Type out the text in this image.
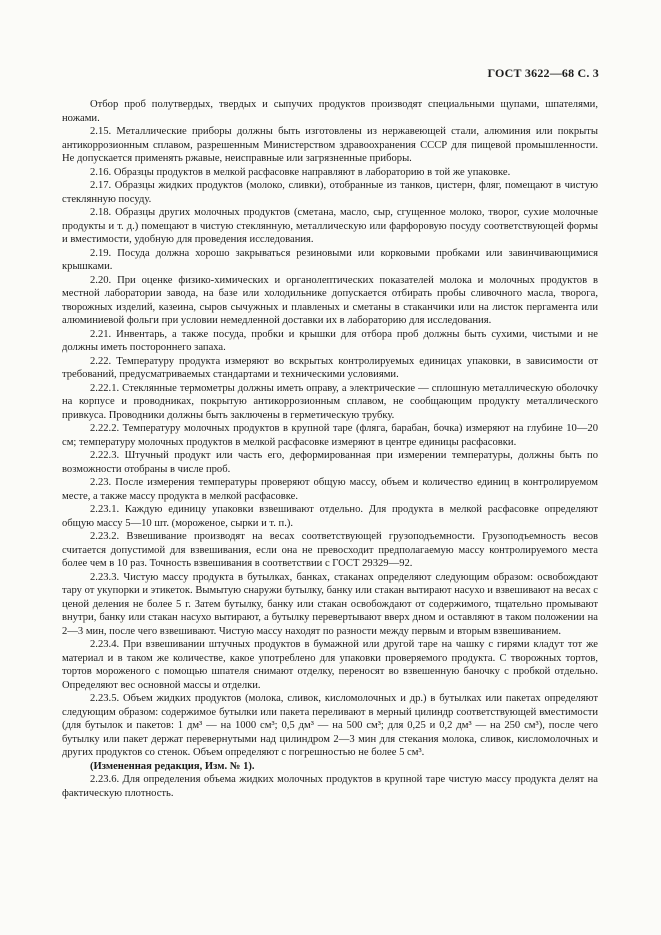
ГОСТ 3622—68 С. 3

Отбор проб полутвердых, твердых и сыпучих продуктов производят специальными щупами, шпателями, ножами.

2.15. Металлические приборы должны быть изготовлены из нержавеющей стали, алюминия или покрыты антикоррозионным сплавом, разрешенным Министерством здравоохранения СССР для пищевой промышленности. Не допускается применять ржавые, неисправные или загрязненные приборы.

2.16. Образцы продуктов в мелкой расфасовке направляют в лабораторию в той же упаковке.

2.17. Образцы жидких продуктов (молоко, сливки), отобранные из танков, цистерн, фляг, помещают в чистую стеклянную посуду.

2.18. Образцы других молочных продуктов (сметана, масло, сыр, сгущенное молоко, творог, сухие молочные продукты и т. д.) помещают в чистую стеклянную, металлическую или фарфоровую посуду соответствующей формы и вместимости, удобную для проведения исследования.

2.19. Посуда должна хорошо закрываться резиновыми или корковыми пробками или завинчивающимися крышками.

2.20. При оценке физико-химических и органолептических показателей молока и молочных продуктов в местной лаборатории завода, на базе или холодильнике допускается отбирать пробы сливочного масла, творога, творожных изделий, казеина, сыров сычужных и плавленых и сметаны в стаканчики или на листок пергамента или алюминиевой фольги при условии немедленной доставки их в лабораторию для исследования.

2.21. Инвентарь, а также посуда, пробки и крышки для отбора проб должны быть сухими, чистыми и не должны иметь постороннего запаха.

2.22. Температуру продукта измеряют во вскрытых контролируемых единицах упаковки, в зависимости от требований, предусматриваемых стандартами и техническими условиями.

2.22.1. Стеклянные термометры должны иметь оправу, а электрические — сплошную металлическую оболочку на корпусе и проводниках, покрытую антикоррозионным сплавом, не сообщающим продукту металлического привкуса. Проводники должны быть заключены в герметическую трубку.

2.22.2. Температуру молочных продуктов в крупной таре (фляга, барабан, бочка) измеряют на глубине 10—20 см; температуру молочных продуктов в мелкой расфасовке измеряют в центре единицы расфасовки.

2.22.3. Штучный продукт или часть его, деформированная при измерении температуры, должны быть по возможности отобраны в числе проб.

2.23. После измерения температуры проверяют общую массу, объем и количество единиц в контролируемом месте, а также массу продукта в мелкой расфасовке.

2.23.1. Каждую единицу упаковки взвешивают отдельно. Для продукта в мелкой расфасовке определяют общую массу 5—10 шт. (мороженое, сырки и т. п.).

2.23.2. Взвешивание производят на весах соответствующей грузоподъемности. Грузоподъемность весов считается допустимой для взвешивания, если она не превосходит предполагаемую массу контролируемого места более чем в 10 раз. Точность взвешивания в соответствии с ГОСТ 29329—92.

2.23.3. Чистую массу продукта в бутылках, банках, стаканах определяют следующим образом: освобождают тару от укупорки и этикеток. Вымытую снаружи бутылку, банку или стакан вытирают насухо и взвешивают на весах с ценой деления не более 5 г. Затем бутылку, банку или стакан освобождают от содержимого, тщательно промывают внутри, банку или стакан насухо вытирают, а бутылку перевертывают вверх дном и оставляют в таком положении на 2—3 мин, после чего взвешивают. Чистую массу находят по разности между первым и вторым взвешиванием.

2.23.4. При взвешивании штучных продуктов в бумажной или другой таре на чашку с гирями кладут тот же материал и в таком же количестве, какое употреблено для упаковки проверяемого продукта. С творожных тортов, тортов мороженого с помощью шпателя снимают отделку, переносят во взвешенную баночку с пробкой отдельно. Определяют вес основной массы и отделки.

2.23.5. Объем жидких продуктов (молока, сливок, кисломолочных и др.) в бутылках или пакетах определяют следующим образом: содержимое бутылки или пакета переливают в мерный цилиндр соответствующей вместимости (для бутылок и пакетов: 1 дм³ — на 1000 см³; 0,5 дм³ — на 500 см³; для 0,25 и 0,2 дм³ — на 250 см³), после чего бутылку или пакет держат перевернутыми над цилиндром 2—3 мин для стекания молока, сливок, кисломолочных и других продуктов со стенок. Объем определяют с погрешностью не более 5 см³.

(Измененная редакция, Изм. № 1).

2.23.6. Для определения объема жидких молочных продуктов в крупной таре чистую массу продукта делят на фактическую плотность.
